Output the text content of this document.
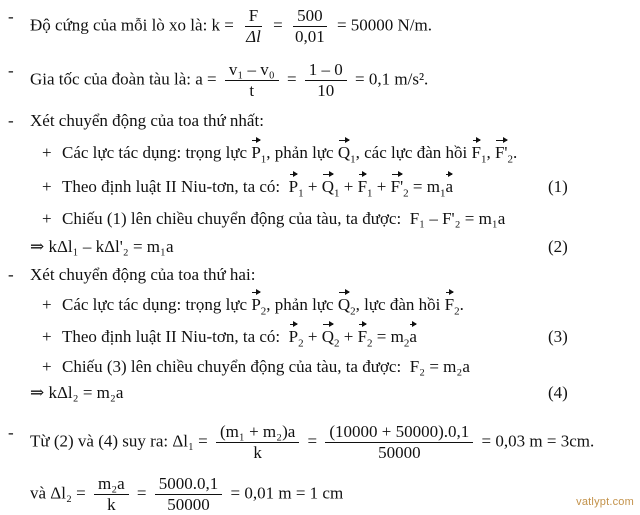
- Độ cứng của mỗi lò xo là: $k = \frac{F}{\Delta l} = \frac{500}{0,01} = 50000$ N/m.
- Gia tốc của đoàn tàu là: $a = \frac{\text{v₁ – v₀}}{t} = \frac{1 - 0}{10} = 0,1$ m/s².
- Xét chuyển động của toa thứ nhất:
+ Các lực tác dụng: trọng lực $P_1$, phản lực $Q_1$, các lực đàn hồi $F_1$, $F'_2$.
+ Theo định luật II Niu-tơn, ta có: $P_1 + Q_1 + F_1 + F'_2 = m_1a$	(1)
+ Chiếu (1) lên chiều chuyển động của tàu, ta được: F₁ – F'₂ = m₁a
⇒ kΔl₁ – kΔl'₂ = m₁a	(2)
- Xét chuyển động của toa thứ hai:
+ Các lực tác dụng: trọng lực $P_2$, phản lực $Q_2$, lực đàn hồi $F_2$.
+ Theo định luật II Niu-tơn, ta có: $P_2 + Q_2 + F_2 = m_2a$	(3)
+ Chiếu (3) lên chiều chuyển động của tàu, ta được: F₂ = m₂a
⇒ kΔl₂ = m₂a	(4)
- Từ (2) và (4) suy ra: $\Delta l_1 = \frac{\text{(m₁ + m₂)a}}{k} = \frac{(10000 + 50000).0,1}{50000} = 0,03$ m = 3cm.
và $\Delta l_2 = \frac{\text{m₂a}}{k} = \frac{5000.0,1}{50000} = 0,01$ m = 1 cm	vatlypt.com
